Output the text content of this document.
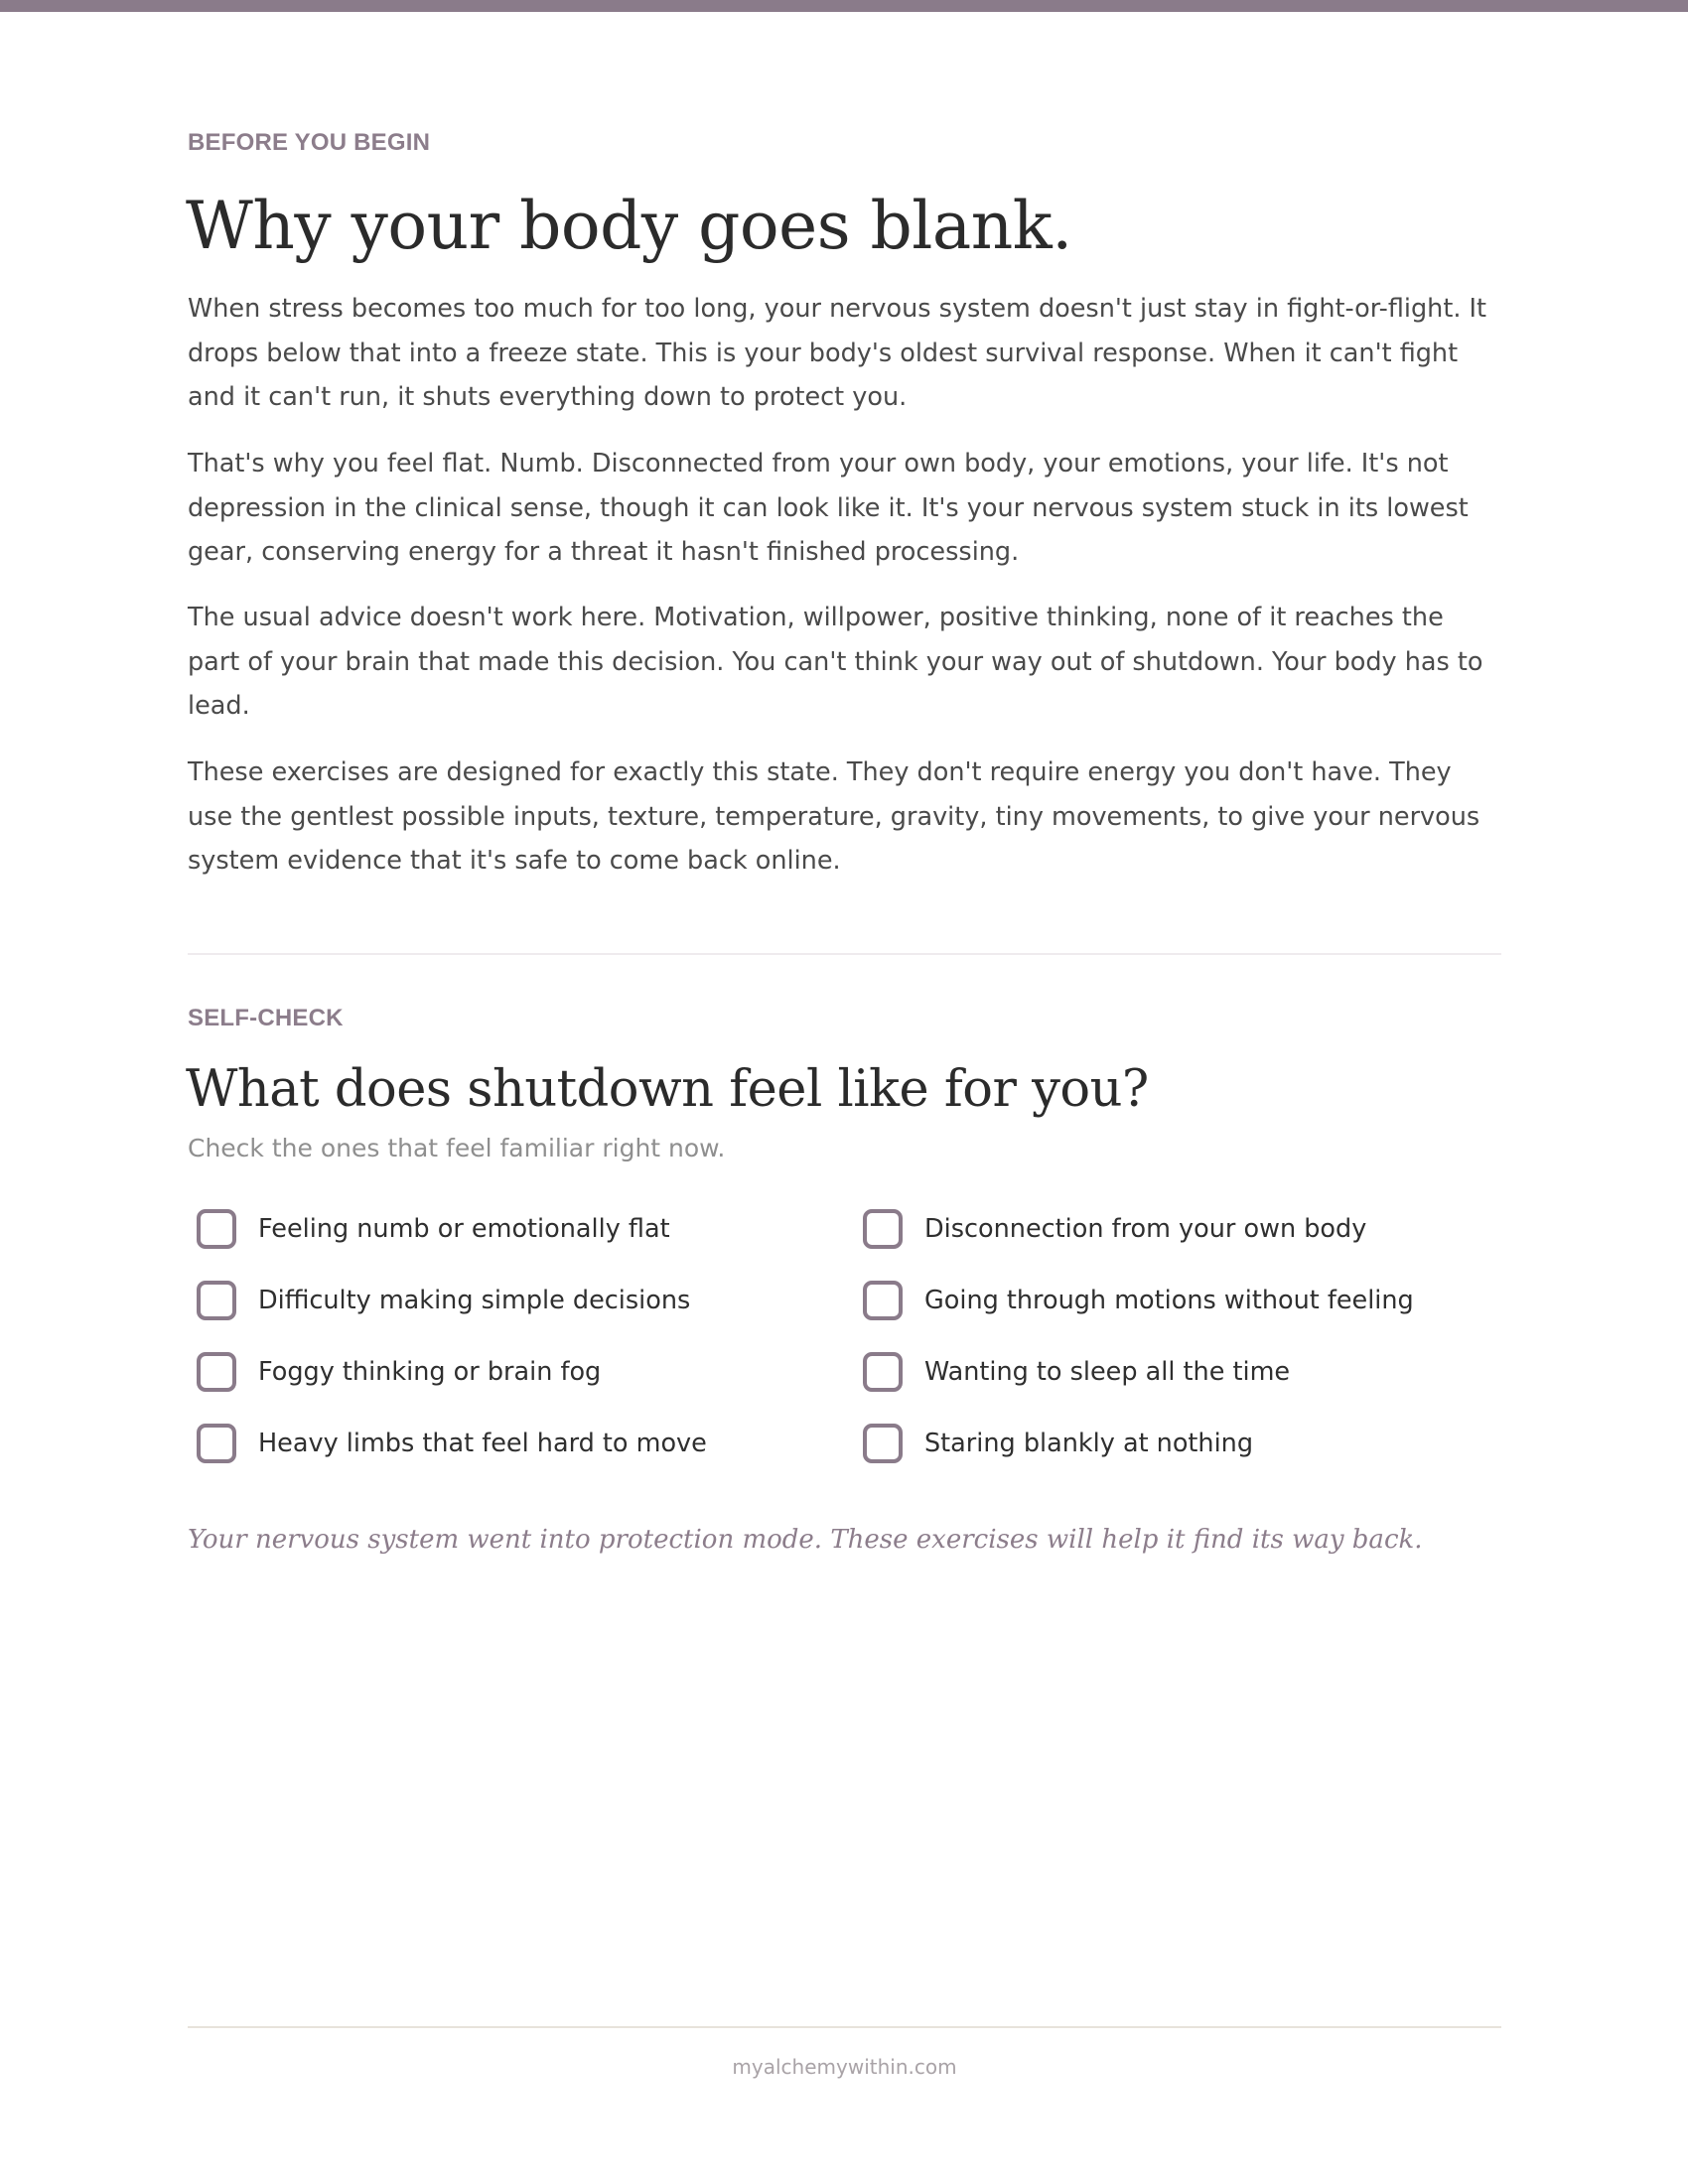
BEFORE YOU BEGIN
Why your body goes blank.

When stress becomes too much for too long, your nervous system doesn't just stay in fight-or-flight. It drops below that into a freeze state. This is your body's oldest survival response. When it can't fight and it can't run, it shuts everything down to protect you.

That's why you feel flat. Numb. Disconnected from your own body, your emotions, your life. It's not depression in the clinical sense, though it can look like it. It's your nervous system stuck in its lowest gear, conserving energy for a threat it hasn't finished processing.

The usual advice doesn't work here. Motivation, willpower, positive thinking, none of it reaches the part of your brain that made this decision. You can't think your way out of shutdown. Your body has to lead.

These exercises are designed for exactly this state. They don't require energy you don't have. They use the gentlest possible inputs, texture, temperature, gravity, tiny movements, to give your nervous system evidence that it's safe to come back online.

SELF-CHECK
What does shutdown feel like for you?
Check the ones that feel familiar right now.
Feeling numb or emotionally flat
Difficulty making simple decisions
Foggy thinking or brain fog
Heavy limbs that feel hard to move
Disconnection from your own body
Going through motions without feeling
Wanting to sleep all the time
Staring blankly at nothing
Your nervous system went into protection mode. These exercises will help it find its way back.
myalchemywithin.com
